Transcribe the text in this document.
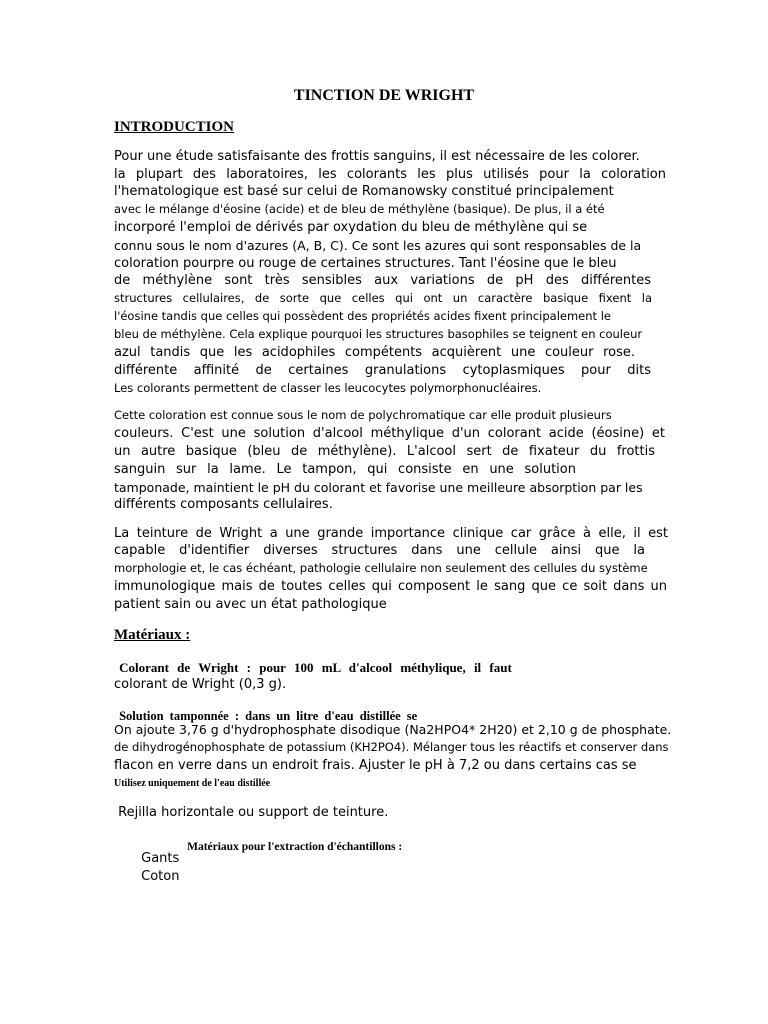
TINCTION DE WRIGHT
INTRODUCTION
Pour une étude satisfaisante des frottis sanguins, il est nécessaire de les colorer.
la plupart des laboratoires, les colorants les plus utilisés pour la coloration
l'hematologique est basé sur celui de Romanowsky constitué principalement
avec le mélange d'éosine (acide) et de bleu de méthylène (basique). De plus, il a été
incorporé l'emploi de dérivés par oxydation du bleu de méthylène qui se
connu sous le nom d'azures (A, B, C). Ce sont les azures qui sont responsables de la
coloration pourpre ou rouge de certaines structures. Tant l'éosine que le bleu
de méthylène sont très sensibles aux variations de pH des différentes
structures cellulaires, de sorte que celles qui ont un caractère basique fixent la
l'éosine tandis que celles qui possèdent des propriétés acides fixent principalement le
bleu de méthylène. Cela explique pourquoi les structures basophiles se teignent en couleur
azul tandis que les acidophiles compétents acquièrent une couleur rose.
différente affinité de certaines granulations cytoplasmiques pour dits
Les colorants permettent de classer les leucocytes polymorphonucléaires.
Cette coloration est connue sous le nom de polychromatique car elle produit plusieurs
couleurs. C'est une solution d'alcool méthylique d'un colorant acide (éosine) et
un autre basique (bleu de méthylène). L'alcool sert de fixateur du frottis
sanguin sur la lame. Le tampon, qui consiste en une solution
tamponade, maintient le pH du colorant et favorise une meilleure absorption par les
différents composants cellulaires.
La teinture de Wright a une grande importance clinique car grâce à elle, il est
capable d'identifier diverses structures dans une cellule ainsi que la
morphologie et, le cas échéant, pathologie cellulaire non seulement des cellules du système
immunologique mais de toutes celles qui composent le sang que ce soit dans un
patient sain ou avec un état pathologique
Matériaux :
Colorant de Wright : pour 100 mL d'alcool méthylique, il faut
colorant de Wright (0,3 g).
Solution tamponnée : dans un litre d'eau distillée se
On ajoute 3,76 g d'hydrophosphate disodique (Na2HPO4* 2H20) et 2,10 g de phosphate.
de dihydrogénophosphate de potassium (KH2PO4). Mélanger tous les réactifs et conserver dans
flacon en verre dans un endroit frais. Ajuster le pH à 7,2 ou dans certains cas se
Utilisez uniquement de l'eau distillée
Rejilla horizontale ou support de teinture.
Matériaux pour l'extraction d'échantillons :
Gants
Coton
